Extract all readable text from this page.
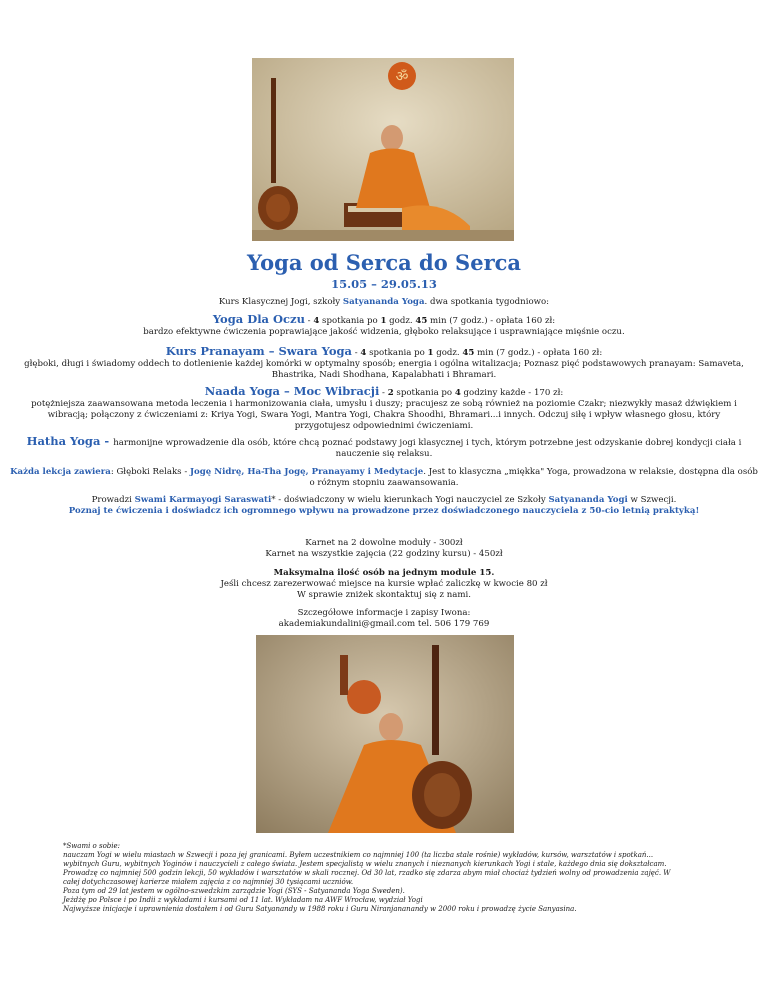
ॐ
Yoga od Serca do Serca
15.05 – 29.05.13
Kurs Klasycznej Jogi, szkoły Satyananda Yoga. dwa spotkania tygodniowo:
Yoga Dla Oczu - 4 spotkania po 1 godz. 45 min (7 godz.) - opłata 160 zł:
bardzo efektywne ćwiczenia poprawiające jakość widzenia, głęboko relaksujące i usprawniające mięśnie oczu.
Kurs Pranayam – Swara Yoga - 4 spotkania po 1 godz. 45 min (7 godz.) - opłata 160 zł:
głęboki, długi i świadomy oddech to dotlenienie każdej komórki w optymalny sposób; energia i ogólna witalizacja; Poznasz pięć podstawowych pranayam: Samaveta, Bhastrika, Nadi Shodhana, Kapalabhati i Bhramari.
Naada Yoga – Moc Wibracji - 2 spotkania po 4 godziny każde - 170 zł:
potężniejsza zaawansowana metoda leczenia i harmonizowania ciała, umysłu i duszy; pracujesz ze sobą również na poziomie Czakr; niezwykły masaż dźwiękiem i wibracją; połączony z ćwiczeniami z: Kriya Yogi, Swara Yogi, Mantra Yogi, Chakra Shoodhi, Bhramari...i innych. Odczuj siłę i wpływ własnego głosu, który przygotujesz odpowiednimi ćwiczeniami.
Hatha Yoga - harmonijne wprowadzenie dla osób, które chcą poznać podstawy jogi klasycznej i tych, którym potrzebne jest odzyskanie dobrej kondycji ciała i nauczenie się relaksu.
Każda lekcja zawiera: Głęboki Relaks - Jogę Nidrę, Ha-Tha Jogę, Pranayamy i Medytacje. Jest to klasyczna „miękka" Yoga, prowadzona w relaksie, dostępna dla osób o różnym stopniu zaawansowania.
Prowadzi Swami Karmayogi Saraswati* - doświadczony w wielu kierunkach Yogi nauczyciel ze Szkoły Satyananda Yogi w Szwecji.
Poznaj te ćwiczenia i doświadcz ich ogromnego wpływu na prowadzone przez doświadczonego nauczyciela z 50-cio letnią praktyką!
Karnet na 2 dowolne moduły - 300zł
Karnet na wszystkie zajęcia (22 godziny kursu) - 450zł
Maksymalna ilość osób na jednym module 15.
Jeśli chcesz zarezerwować miejsce na kursie wpłać zaliczkę w kwocie 80 zł
W sprawie zniżek skontaktuj się z nami.
Szczegółowe informacje i zapisy Iwona:
akademiakundalini@gmail.com tel. 506 179 769
*Swami o sobie:
nauczam Yogi w wielu miastach w Szwecji i poza jej granicami. Byłem uczestnikiem co najmniej 100 (ta liczba stale rośnie) wykładów, kursów, warsztatów i spotkań...
wybitnych Guru, wybitnych Yoginów i nauczycieli z całego świata. Jestem specjalistą w wielu znanych i nieznanych kierunkach Yogi i stale, każdego dnia się dokształcam.
Prowadzę co najmniej 500 godzin lekcji, 50 wykładów i warsztatów w skali rocznej. Od 30 lat, rzadko się zdarza abym miał chociaż tydzień wolny od prowadzenia zajęć. W
całej dotychczasowej karierze miałem zajęcia z co najmniej 30 tysiącami uczniów.
Poza tym od 29 lat jestem w ogólno-szwedzkim zarządzie Yogi (SYS - Satyananda Yoga Sweden).
Jeżdżę po Polsce i po Indii z wykładami i kursami od 11 lat. Wykładam na AWF Wrocław, wydział Yogi
Najwyższe inicjacje i uprawnienia dostałem i od Guru Satyanandy w 1988 roku i Guru Niranjananandy w 2000 roku i prowadzę życie Sanyasina.
